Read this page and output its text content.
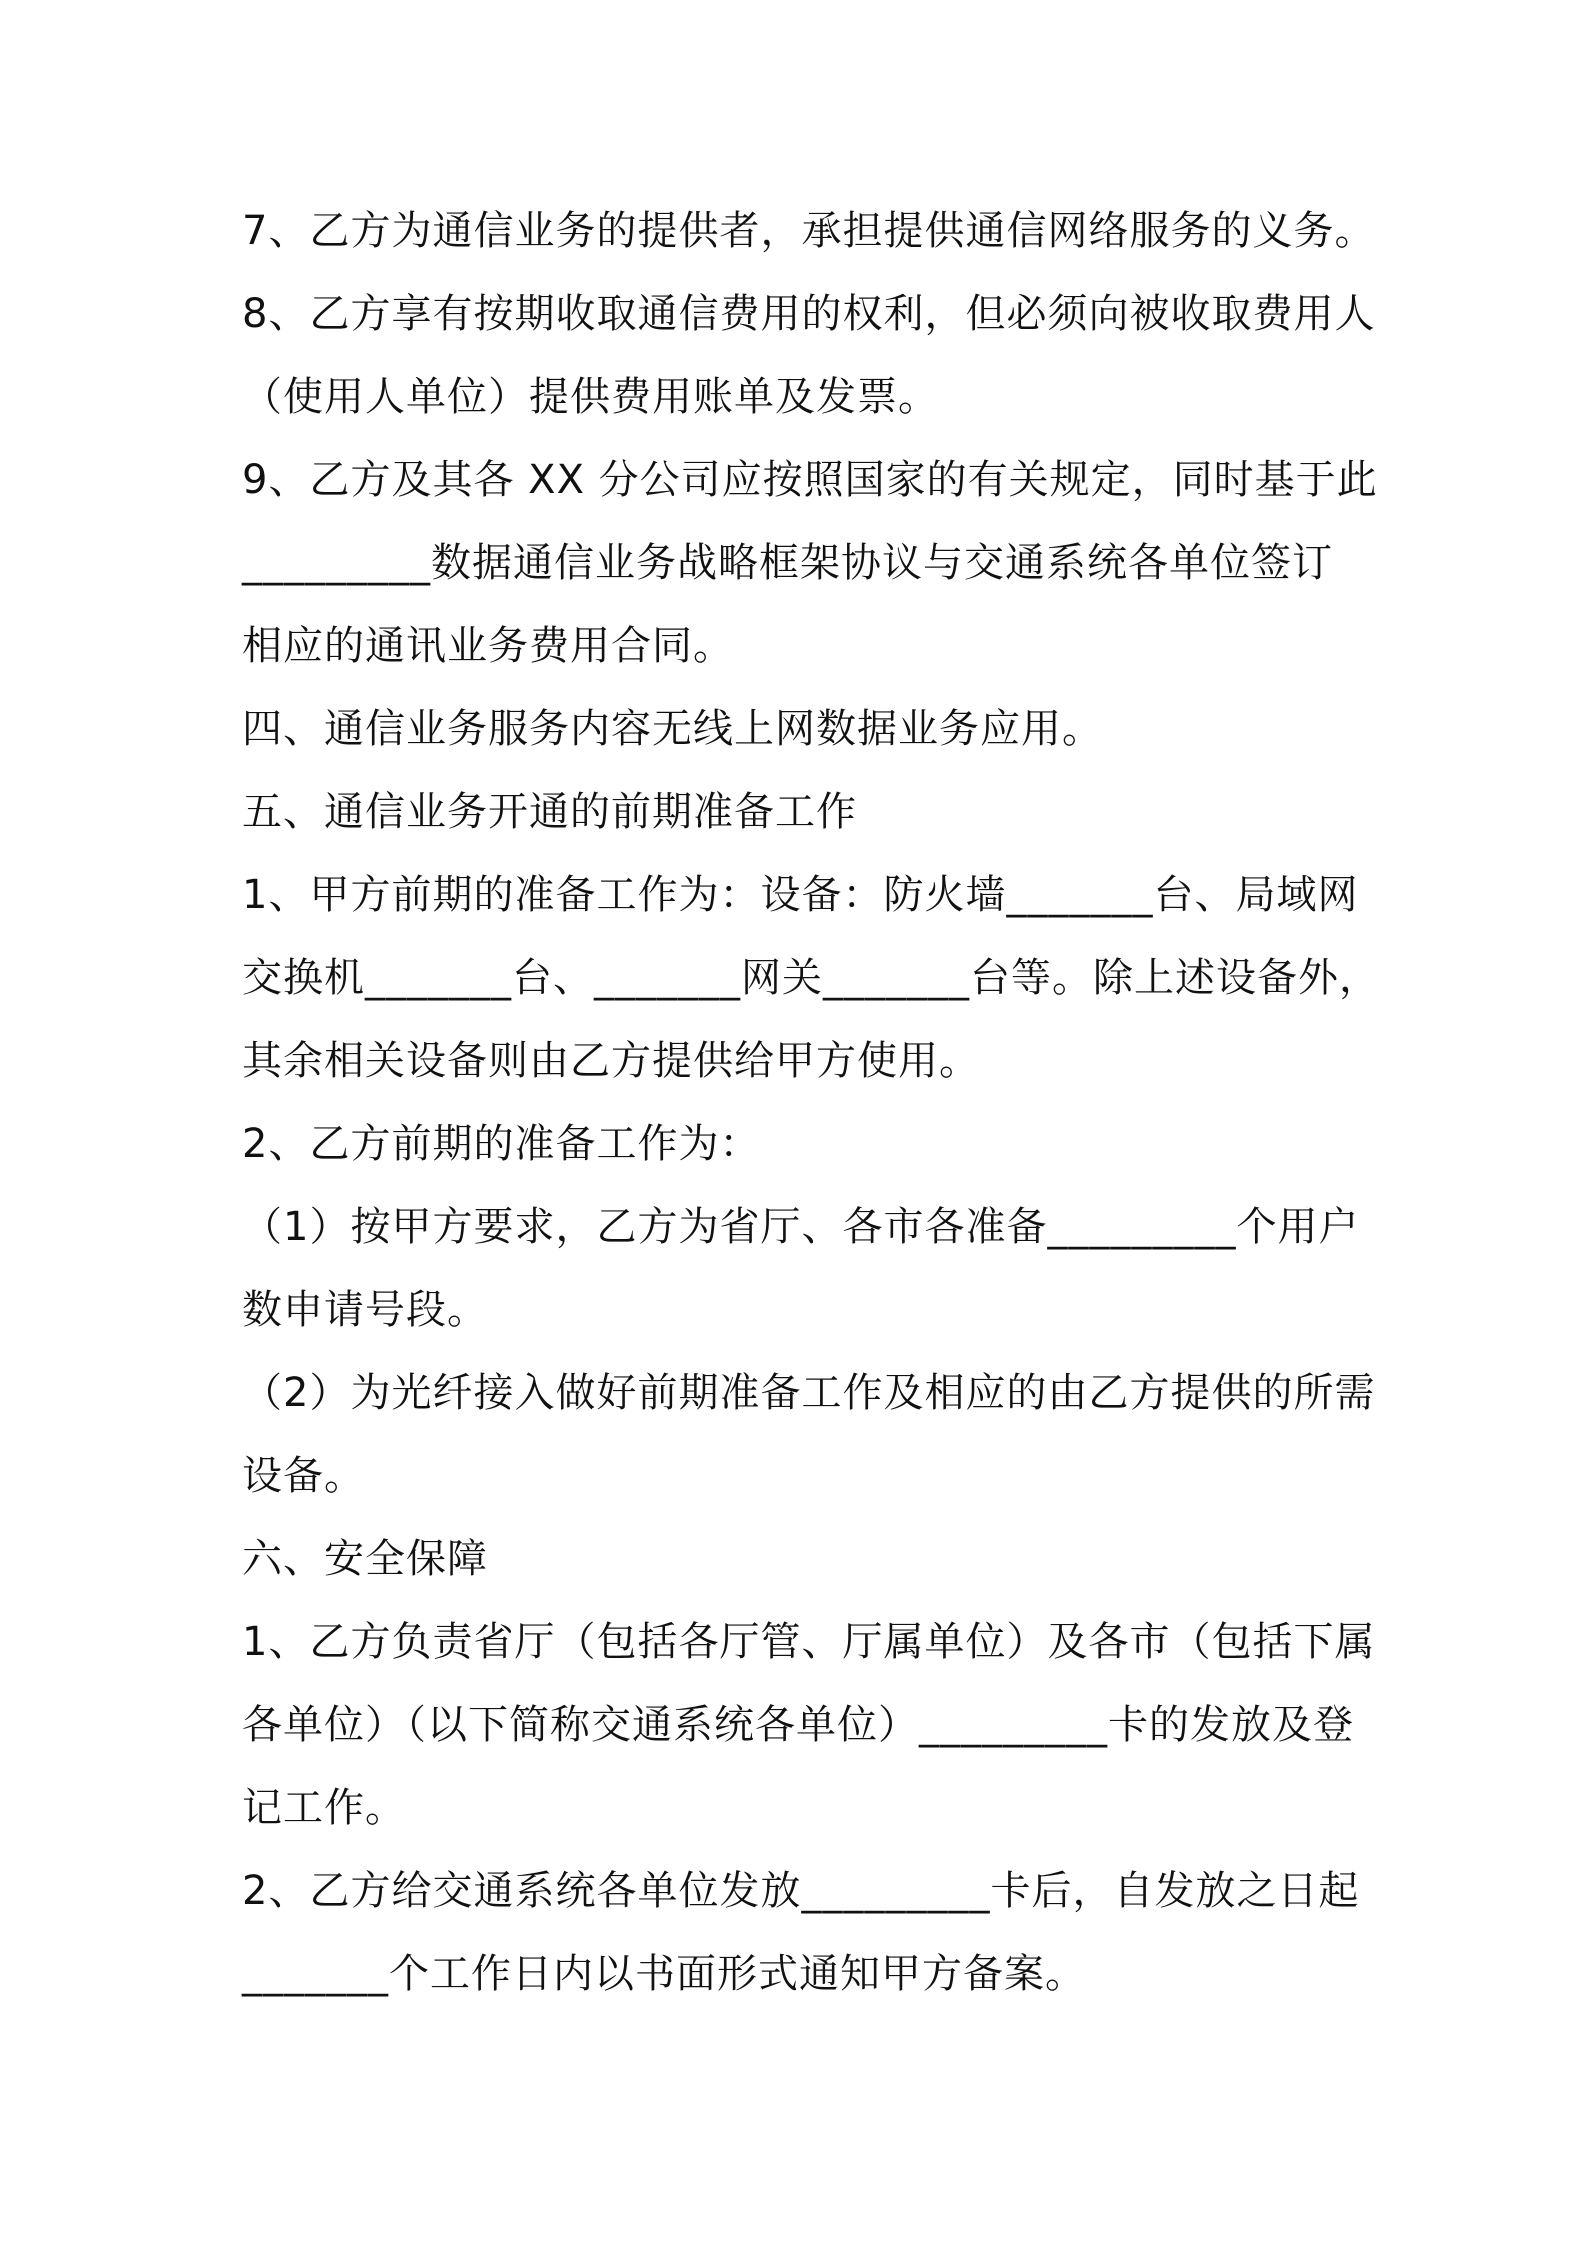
7、乙方为通信业务的提供者，承担提供通信网络服务的义务。
8、乙方享有按期收取通信费用的权利，但必须向被收取费用人
（使用人单位）提供费用账单及发票。
9、乙方及其各 XX 分公司应按照国家的有关规定，同时基于此
_________数据通信业务战略框架协议与交通系统各单位签订
相应的通讯业务费用合同。
四、通信业务服务内容无线上网数据业务应用。
五、通信业务开通的前期准备工作
1、甲方前期的准备工作为：设备：防火墙_______台、局域网
交换机_______台、_______网关_______台等。除上述设备外，
其余相关设备则由乙方提供给甲方使用。
2、乙方前期的准备工作为：
（1）按甲方要求，乙方为省厅、各市各准备_________个用户
数申请号段。
（2）为光纤接入做好前期准备工作及相应的由乙方提供的所需
设备。
六、安全保障
1、乙方负责省厅（包括各厅管、厅属单位）及各市（包括下属
各单位）（以下简称交通系统各单位）_________卡的发放及登
记工作。
2、乙方给交通系统各单位发放_________卡后，自发放之日起
_______个工作日内以书面形式通知甲方备案。
